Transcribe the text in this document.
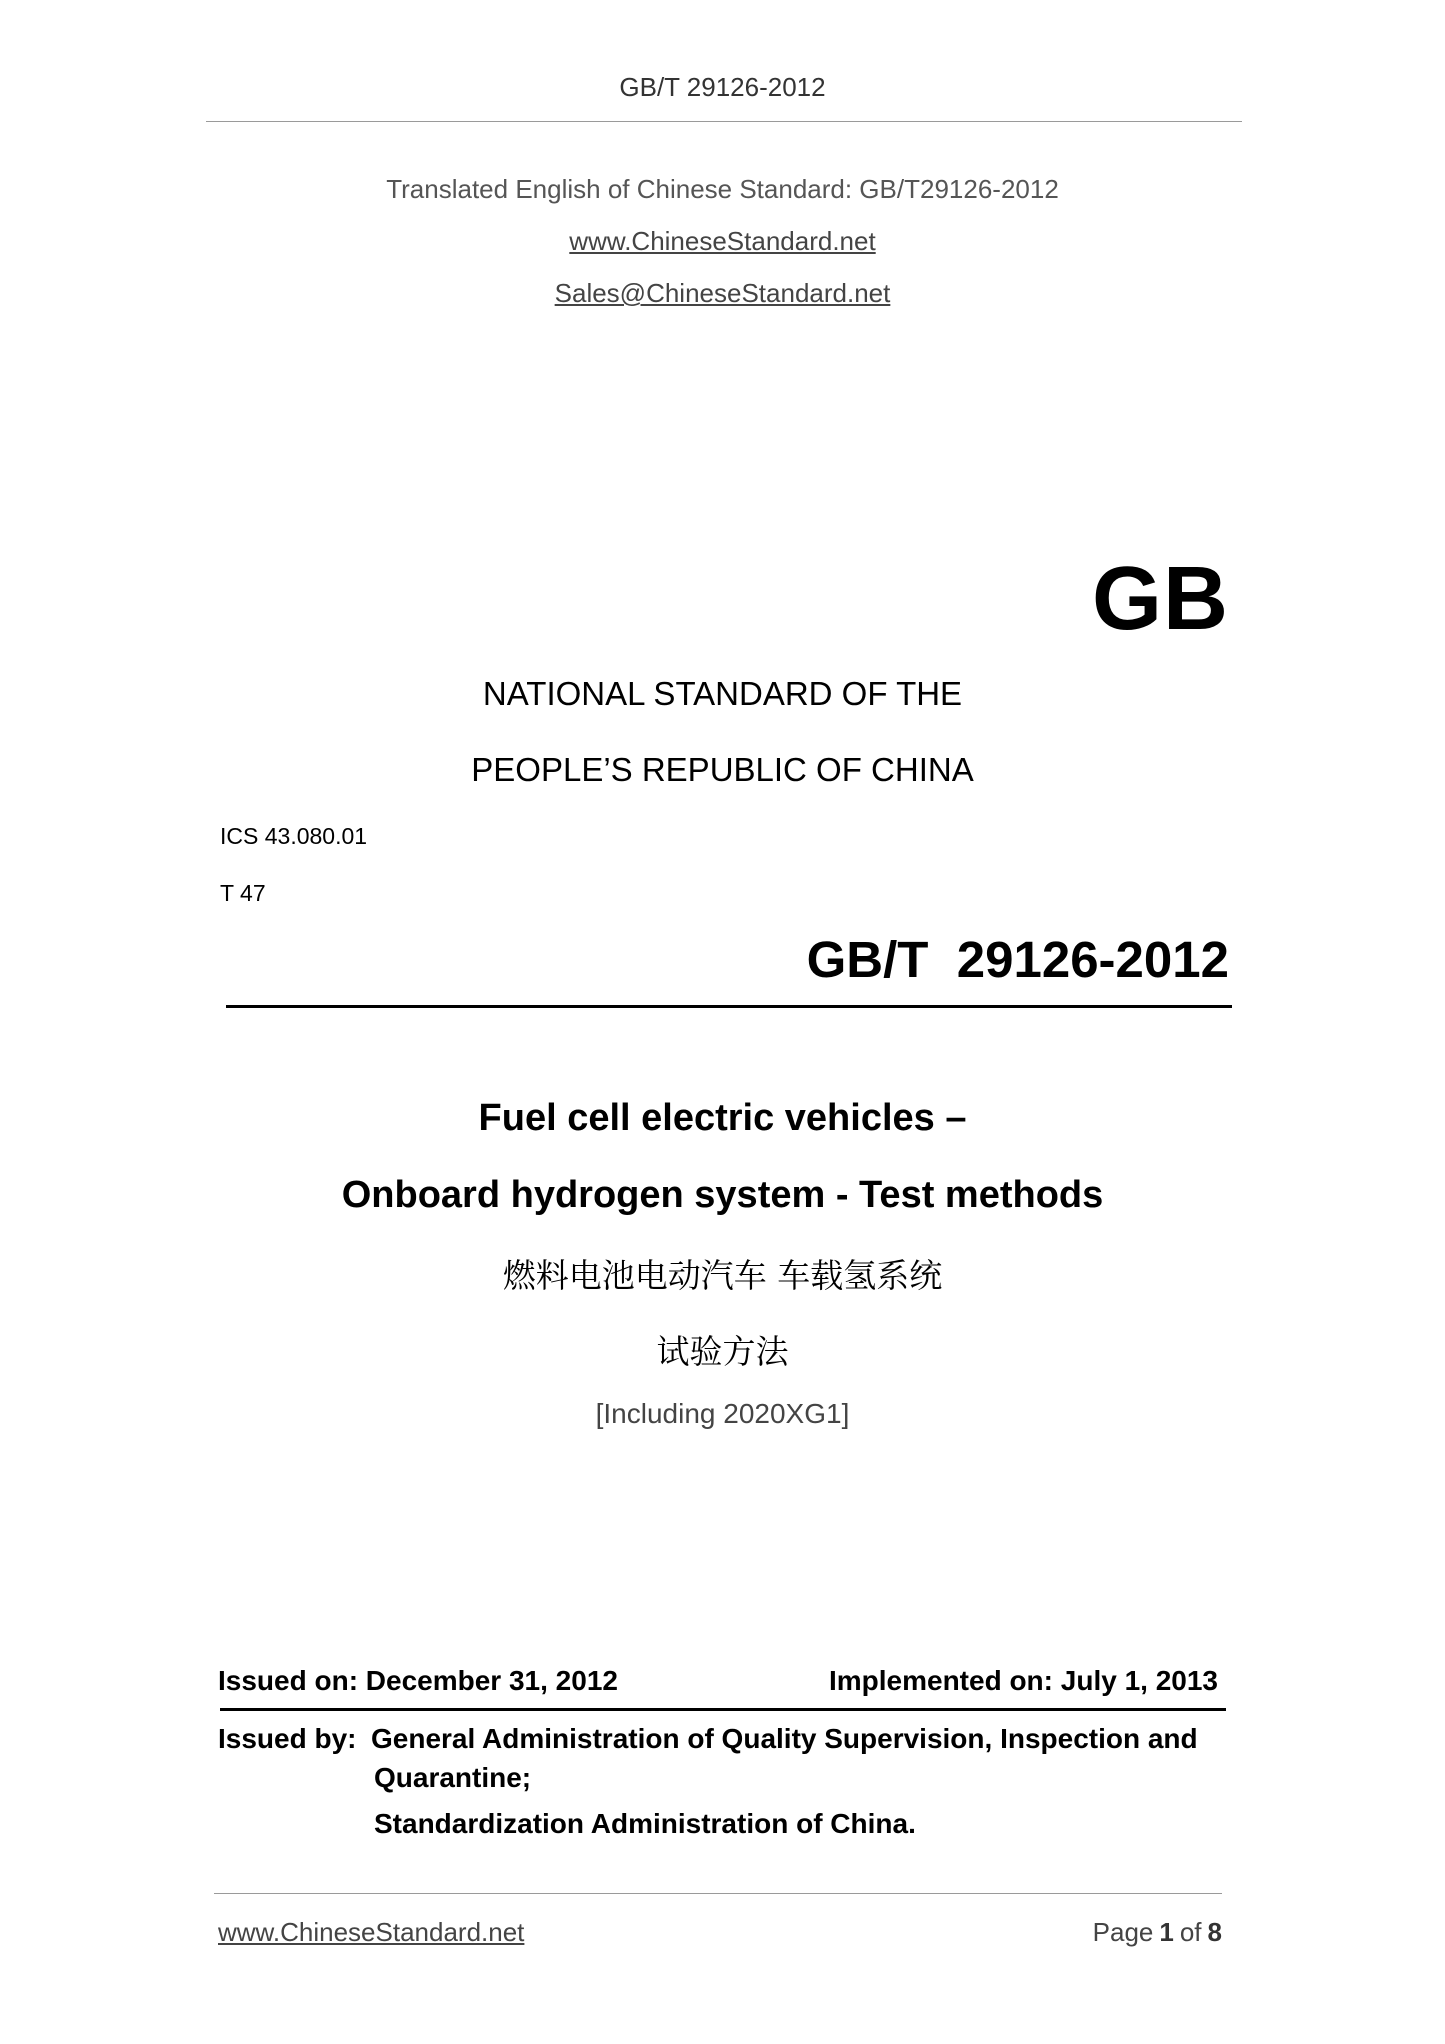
GB/T 29126-2012
Translated English of Chinese Standard: GB/T29126-2012
www.ChineseStandard.net
Sales@ChineseStandard.net
GB
NATIONAL STANDARD OF THE
PEOPLE’S REPUBLIC OF CHINA
ICS 43.080.01
T 47
GB/T  29126-2012
Fuel cell electric vehicles –
Onboard hydrogen system - Test methods
燃料电池电动汽车 车载氢系统
试验方法
[Including 2020XG1]
Issued on: December 31, 2012	Implemented on: July 1, 2013
Issued by: General Administration of Quality Supervision, Inspection and
Quarantine;
Standardization Administration of China.
www.ChineseStandard.net	Page 1 of 8
